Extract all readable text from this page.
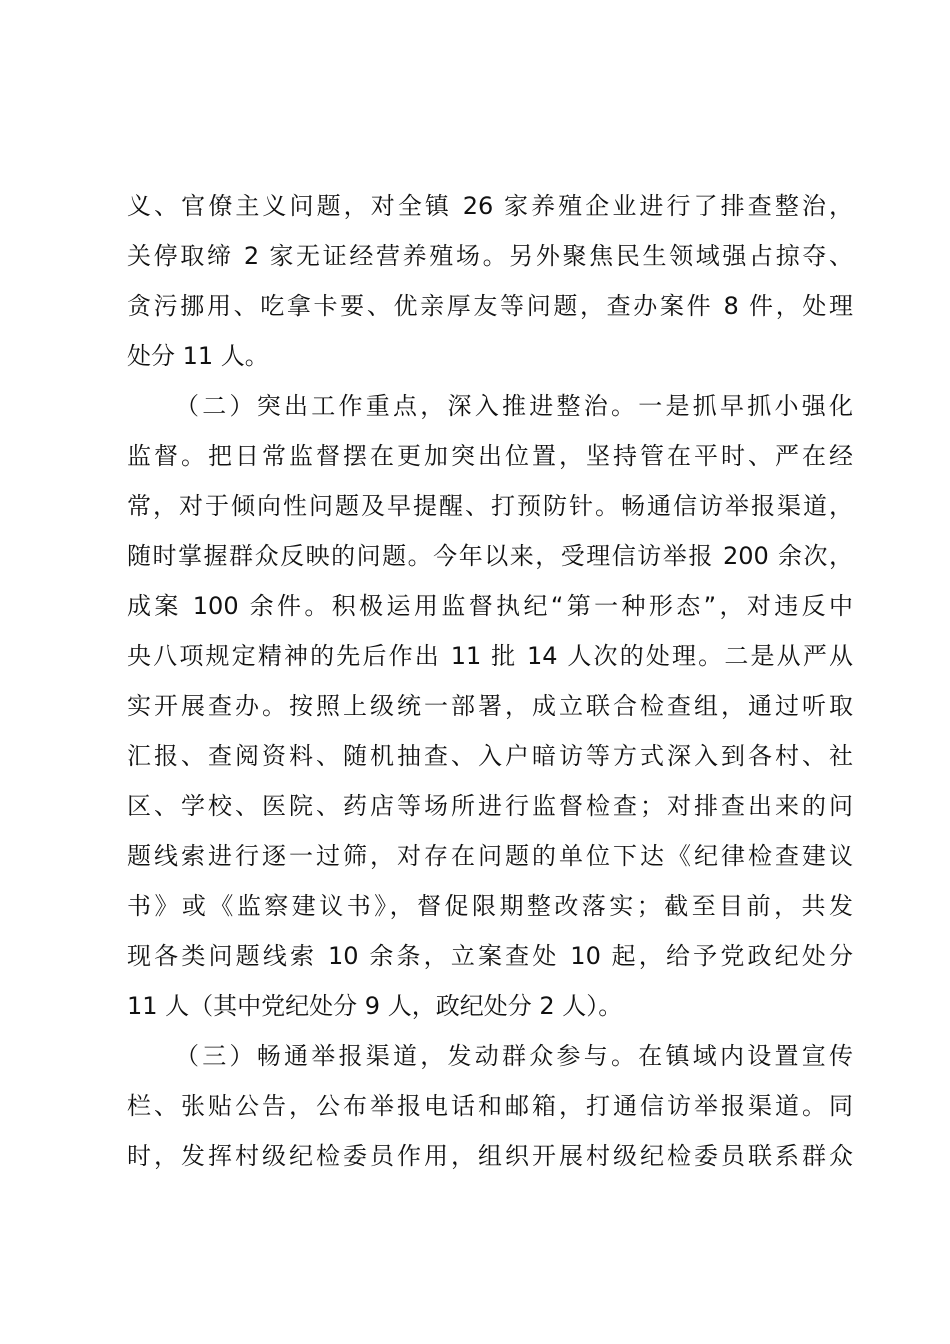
义、官僚主义问题，对全镇 26 家养殖企业进行了排查整治，
关停取缔 2 家无证经营养殖场。另外聚焦民生领域强占掠夺、
贪污挪用、吃拿卡要、优亲厚友等问题，查办案件 8 件，处理
处分 11 人。
（二）突出工作重点，深入推进整治。一是抓早抓小强化
监督。把日常监督摆在更加突出位置，坚持管在平时、严在经
常，对于倾向性问题及早提醒、打预防针。畅通信访举报渠道，
随时掌握群众反映的问题。今年以来，受理信访举报 200 余次，
成案 100 余件。积极运用监督执纪“第一种形态”，对违反中
央八项规定精神的先后作出 11 批 14 人次的处理。二是从严从
实开展查办。按照上级统一部署，成立联合检查组，通过听取
汇报、查阅资料、随机抽查、入户暗访等方式深入到各村、社
区、学校、医院、药店等场所进行监督检查；对排查出来的问
题线索进行逐一过筛，对存在问题的单位下达《纪律检查建议
书》或《监察建议书》，督促限期整改落实；截至目前，共发
现各类问题线索 10 余条，立案查处 10 起，给予党政纪处分
11 人（其中党纪处分 9 人，政纪处分 2 人）。
（三）畅通举报渠道，发动群众参与。在镇域内设置宣传
栏、张贴公告，公布举报电话和邮箱，打通信访举报渠道。同
时，发挥村级纪检委员作用，组织开展村级纪检委员联系群众
